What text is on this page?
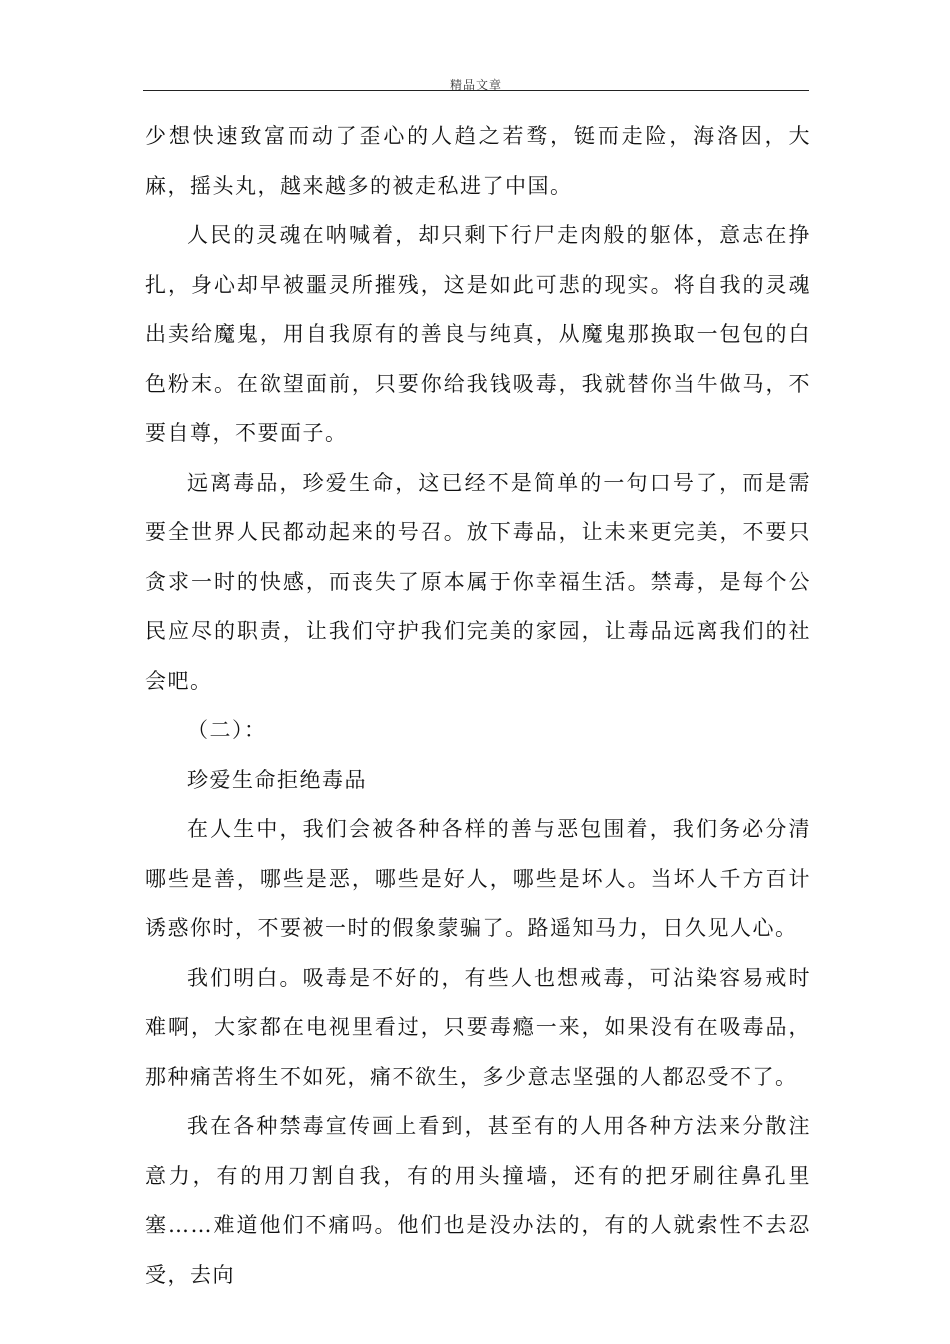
精品文章

少想快速致富而动了歪心的人趋之若骛，铤而走险，海洛因，大麻，摇头丸，越来越多的被走私进了中国。

人民的灵魂在呐喊着，却只剩下行尸走肉般的躯体，意志在挣扎，身心却早被噩灵所摧残，这是如此可悲的现实。将自我的灵魂出卖给魔鬼，用自我原有的善良与纯真，从魔鬼那换取一包包的白色粉末。在欲望面前，只要你给我钱吸毒，我就替你当牛做马，不要自尊，不要面子。

远离毒品，珍爱生命，这已经不是简单的一句口号了，而是需要全世界人民都动起来的号召。放下毒品，让未来更完美，不要只贪求一时的快感，而丧失了原本属于你幸福生活。禁毒，是每个公民应尽的职责，让我们守护我们完美的家园，让毒品远离我们的社会吧。

（二）：

珍爱生命拒绝毒品

在人生中，我们会被各种各样的善与恶包围着，我们务必分清哪些是善，哪些是恶，哪些是好人，哪些是坏人。当坏人千方百计诱惑你时，不要被一时的假象蒙骗了。路遥知马力，日久见人心。

我们明白。吸毒是不好的，有些人也想戒毒，可沾染容易戒时难啊，大家都在电视里看过，只要毒瘾一来，如果没有在吸毒品，那种痛苦将生不如死，痛不欲生，多少意志坚强的人都忍受不了。

我在各种禁毒宣传画上看到，甚至有的人用各种方法来分散注意力，有的用刀割自我，有的用头撞墙，还有的把牙刷往鼻孔里塞……难道他们不痛吗。他们也是没办法的，有的人就索性不去忍受，去向
